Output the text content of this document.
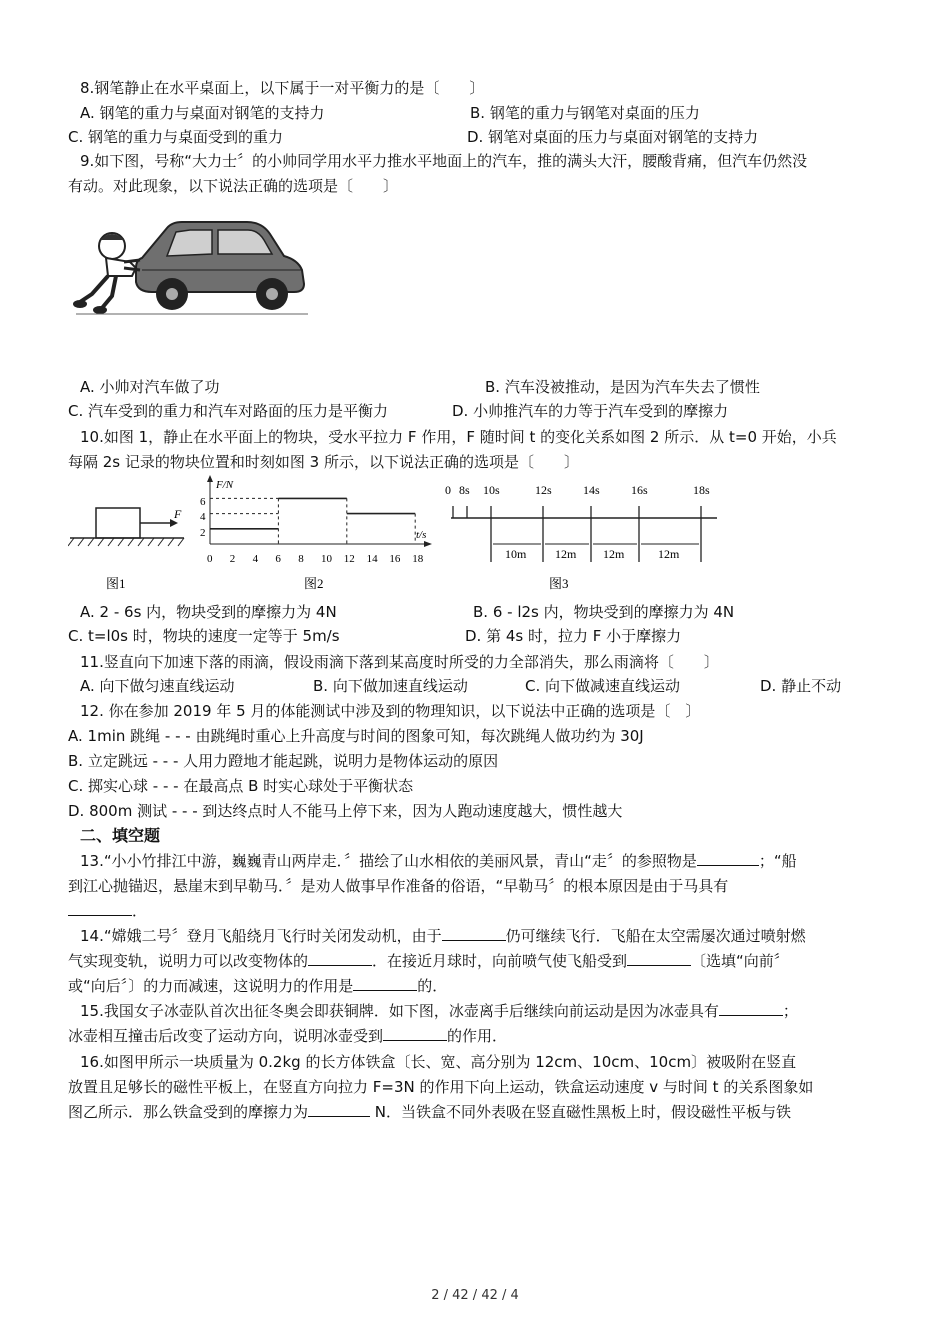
8.钢笔静止在水平桌面上，以下属于一对平衡力的是〔　　〕
A. 钢笔的重力与桌面对钢笔的支持力	B. 钢笔的重力与钢笔对桌面的压力
C. 钢笔的重力与桌面受到的重力	D. 钢笔对桌面的压力与桌面对钢笔的支持力
9.如下图，号称“大力士〞的小帅同学用水平力推水平地面上的汽车，推的满头大汗，腰酸背痛，但汽车仍然没
有动。对此现象，以下说法正确的选项是〔　　〕
A. 小帅对汽车做了功	B. 汽车没被推动，是因为汽车失去了惯性
C. 汽车受到的重力和汽车对路面的压力是平衡力	D. 小帅推汽车的力等于汽车受到的摩擦力
10.如图 1，静止在水平面上的物块，受水平拉力 F 作用，F 随时间 t 的变化关系如图 2 所示．从 t=0 开始，小兵
每隔 2s 记录的物块位置和时刻如图 3 所示，以下说法正确的选项是〔　　〕
F
图1
F/N
t/s
6
4
2
0 2 4 6 8 10 12 14 16 18
图2
0 8s 10s	12s	14s	16s	18s
10m 12m 12m	12m
图3
A. 2 - 6s 内，物块受到的摩擦力为 4N	B. 6 - l2s 内，物块受到的摩擦力为 4N
C. t=l0s 时，物块的速度一定等于 5m/s	D. 第 4s 时，拉力 F 小于摩擦力
11.竖直向下加速下落的雨滴，假设雨滴下落到某高度时所受的力全部消失，那么雨滴将〔　　〕
A. 向下做匀速直线运动	B. 向下做加速直线运动	C. 向下做减速直线运动	D. 静止不动
12. 你在参加 2019 年 5 月的体能测试中涉及到的物理知识，以下说法中正确的选项是〔　〕
A. 1min 跳绳 - - - 由跳绳时重心上升高度与时间的图象可知，每次跳绳人做功约为 30J
B. 立定跳远 - - - 人用力蹬地才能起跳，说明力是物体运动的原因
C. 掷实心球 - - - 在最高点 B 时实心球处于平衡状态
D. 800m 测试 - - - 到达终点时人不能马上停下来，因为人跑动速度越大，惯性越大
二、填空题
13.“小小竹排江中游，巍巍青山两岸走．〞描绘了山水相依的美丽风景，青山“走〞的参照物是	；“船
到江心抛锚迟，悬崖末到早勒马．〞是劝人做事早作准备的俗语，“早勒马〞的根本原因是由于马具有
．
14.“嫦娥二号〞登月飞船绕月飞行时关闭发动机，由于	仍可继续飞行．飞船在太空需屡次通过喷射燃
气实现变轨，说明力可以改变物体的	．在接近月球时，向前喷气使飞船受到	〔选填“向前〞
或“向后〞〕的力而减速，这说明力的作用是	的．
15.我国女子冰壶队首次出征冬奥会即获铜牌．如下图，冰壶离手后继续向前运动是因为冰壶具有	；
冰壶相互撞击后改变了运动方向，说明冰壶受到	的作用．
16.如图甲所示一块质量为 0.2kg 的长方体铁盒〔长、宽、高分别为 12cm、10cm、10cm〕被吸附在竖直
放置且足够长的磁性平板上，在竖直方向拉力 F=3N 的作用下向上运动，铁盒运动速度 v 与时间 t 的关系图象如
图乙所示．那么铁盒受到的摩擦力为	N．当铁盒不同外表吸在竖直磁性黑板上时，假设磁性平板与铁
2 / 42 / 42 / 4
